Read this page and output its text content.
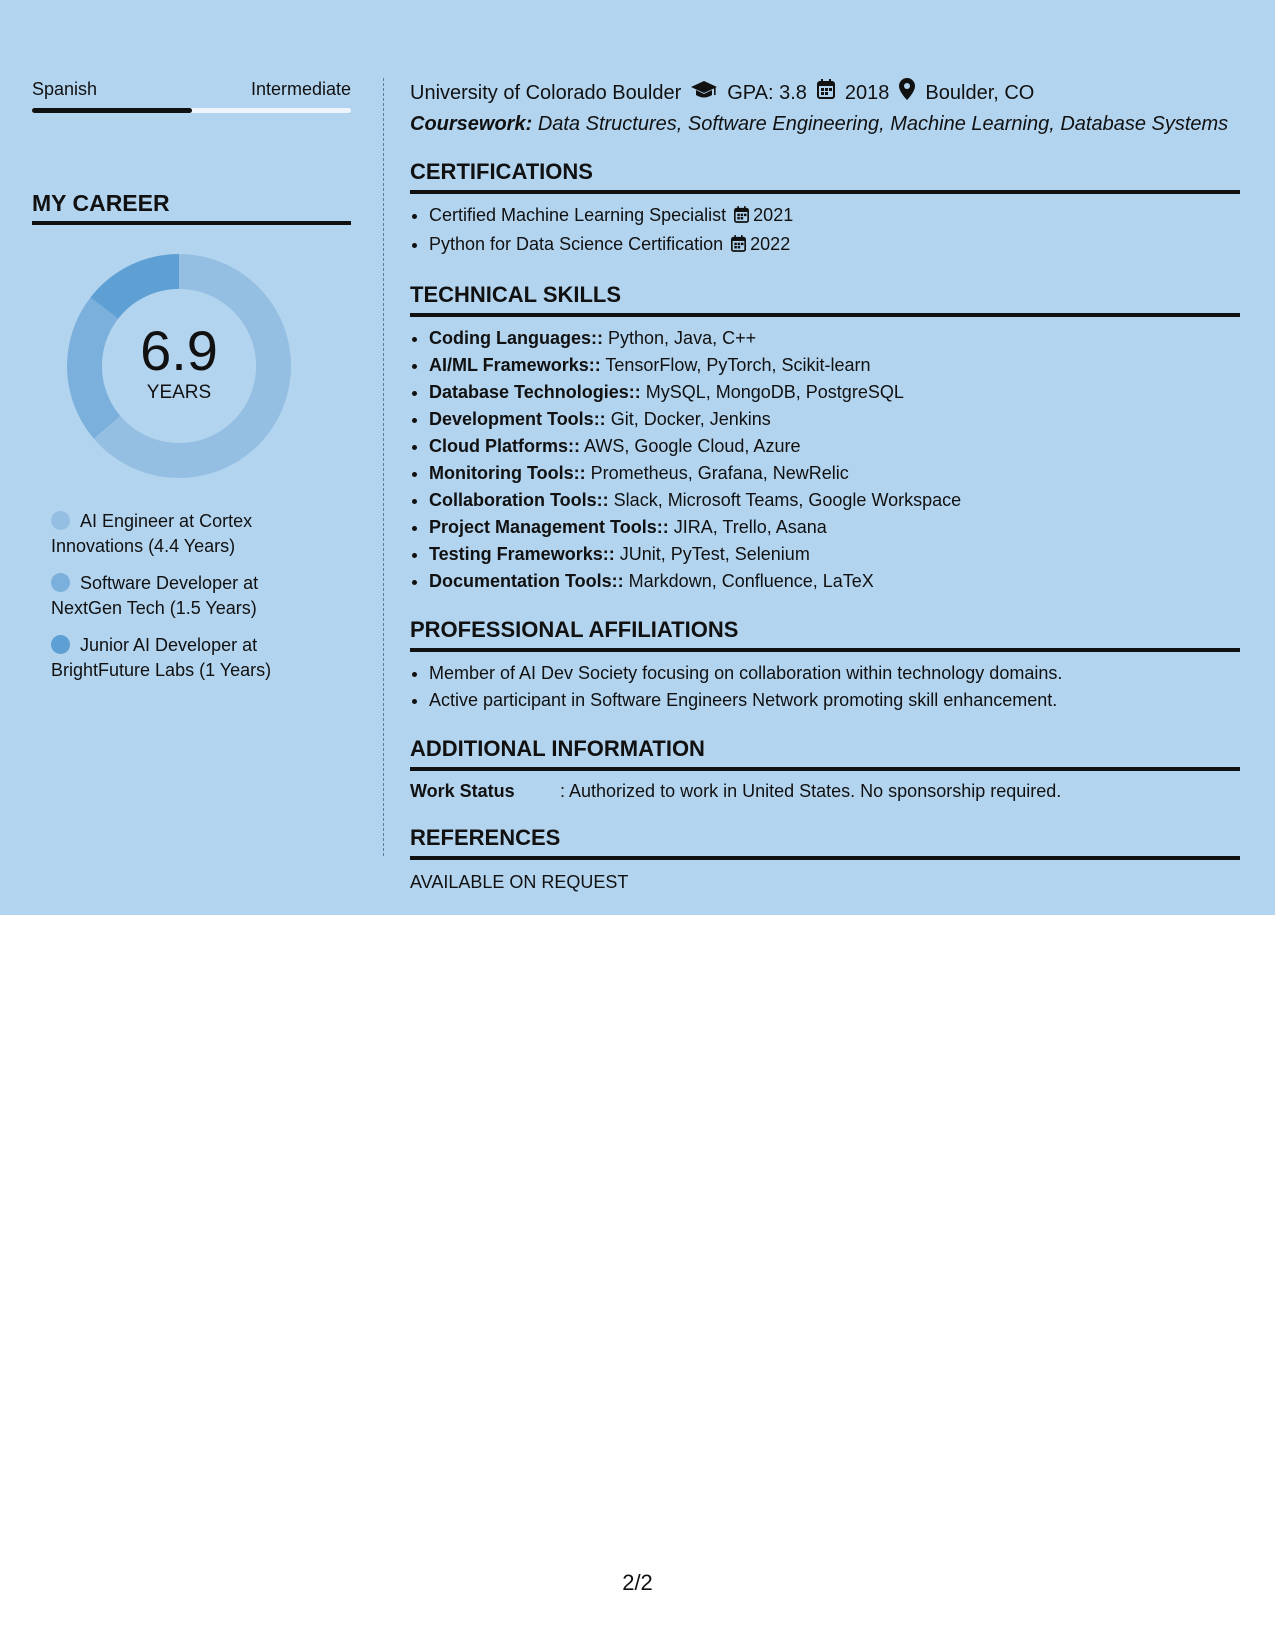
Spanish	Intermediate
MY CAREER
6.9
YEARS
AI Engineer at Cortex Innovations (4.4 Years)
Software Developer at NextGen Tech (1.5 Years)
Junior AI Developer at BrightFuture Labs (1 Years)
University of Colorado Boulder GPA: 3.8 2018 Boulder, CO
Coursework: Data Structures, Software Engineering, Machine Learning, Database Systems
CERTIFICATIONS
• Certified Machine Learning Specialist 2021
• Python for Data Science Certification 2022
TECHNICAL SKILLS
• Coding Languages:: Python, Java, C++
• AI/ML Frameworks:: TensorFlow, PyTorch, Scikit-learn
• Database Technologies:: MySQL, MongoDB, PostgreSQL
• Development Tools:: Git, Docker, Jenkins
• Cloud Platforms:: AWS, Google Cloud, Azure
• Monitoring Tools:: Prometheus, Grafana, NewRelic
• Collaboration Tools:: Slack, Microsoft Teams, Google Workspace
• Project Management Tools:: JIRA, Trello, Asana
• Testing Frameworks:: JUnit, PyTest, Selenium
• Documentation Tools:: Markdown, Confluence, LaTeX
PROFESSIONAL AFFILIATIONS
• Member of AI Dev Society focusing on collaboration within technology domains.
• Active participant in Software Engineers Network promoting skill enhancement.
ADDITIONAL INFORMATION
Work Status	: Authorized to work in United States. No sponsorship required.
REFERENCES
AVAILABLE ON REQUEST
2/2
